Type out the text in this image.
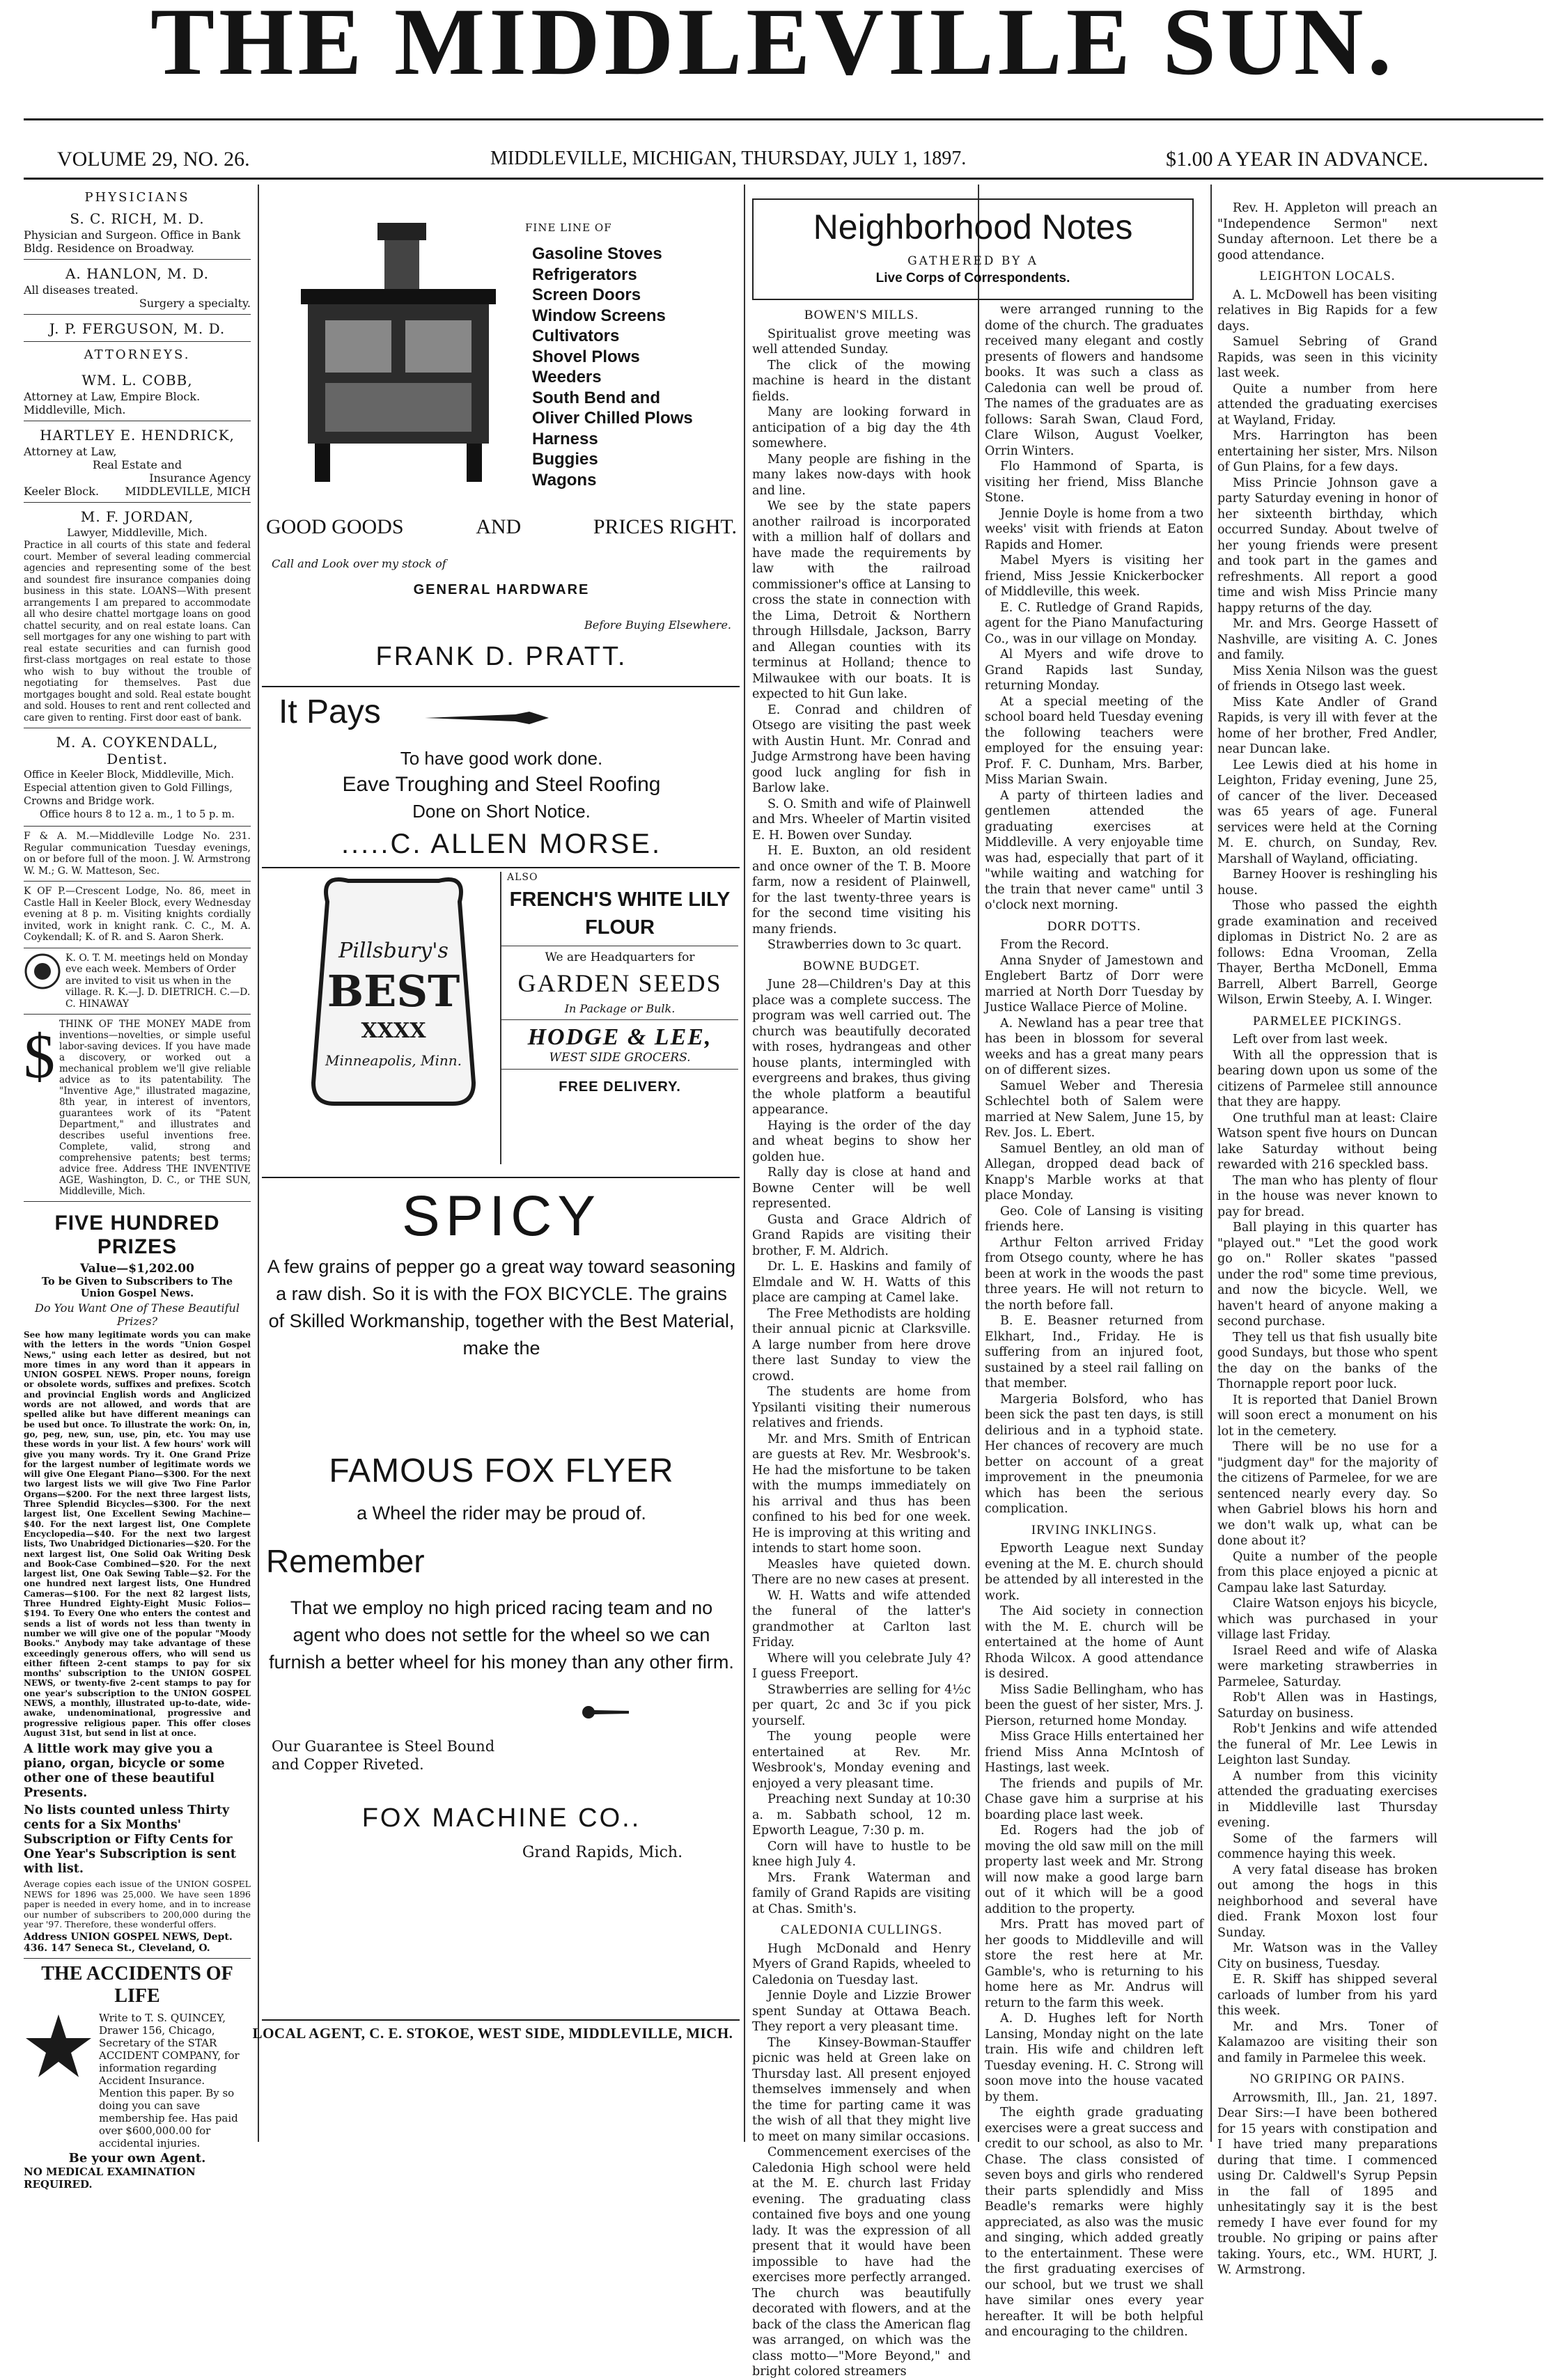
THE MIDDLEVILLE SUN.
VOLUME 29, NO. 26.	MIDDLEVILLE, MICHIGAN, THURSDAY, JULY 1, 1897.	$1.00 A YEAR IN ADVANCE.
PHYSICIANS
S. C. RICH, M. D.
Physician and Surgeon. Office in Bank Bldg. Residence on Broadway.
A. HANLON, M. D.
All diseases treated.
Surgery a specialty.
J. P. FERGUSON, M. D.
ATTORNEYS.
WM. L. COBB,
Attorney at Law, Empire Block. Middleville, Mich.
HARTLEY E. HENDRICK,
Attorney at Law,
Real Estate and
Insurance Agency
Keeler Block. MIDDLEVILLE, MICH
M. F. JORDAN,
Lawyer, Middleville, Mich.
Practice in all courts of this state and federal court. Member of several leading commercial agencies and representing some of the best and soundest fire insurance companies doing business in this state. LOANS—With present arrangements I am prepared to accommodate all who desire chattel mortgage loans on good chattel security, and on real estate loans. Can sell mortgages for any one wishing to part with real estate securities and can furnish good first-class mortgages on real estate to those who wish to buy without the trouble of negotiating for themselves. Past due mortgages bought and sold. Real estate bought and sold. Houses to rent and rent collected and care given to renting. First door east of bank.
M. A. COYKENDALL, Dentist.
Office in Keeler Block, Middleville, Mich. Especial attention given to Gold Fillings, Crowns and Bridge work.
Office hours 8 to 12 a. m., 1 to 5 p. m.
F & A. M.—Middleville Lodge No. 231. Regular communication Tuesday evenings, on or before full of the moon. J. W. Armstrong W. M.; G. W. Matteson, Sec.
K OF P.—Crescent Lodge, No. 86, meet in Castle Hall in Keeler Block, every Wednesday evening at 8 p. m. Visiting knights cordially invited, work in knight rank. C. C., M. A. Coykendall; K. of R. and S. Aaron Sherk.
K. O. T. M. meetings held on Monday eve each week. Members of Order are invited to visit us when in the village. R. K.—J. D. DIETRICH. C.—D. C. HINAWAY
$ THINK OF THE MONEY MADE from inventions—novelties, or simple useful labor-saving devices. If you have made a discovery, or worked out a mechanical problem we'll give reliable advice as to its patentability. The "Inventive Age," illustrated magazine, 8th year, in interest of inventors, guarantees work of its "Patent Department," and illustrates and describes useful inventions free. Complete, valid, strong and comprehensive patents; best terms; advice free. Address THE INVENTIVE AGE, Washington, D. C., or THE SUN, Middleville, Mich.
FIVE HUNDRED PRIZES
Value—$1,202.00
To be Given to Subscribers to The Union Gospel News.
Do You Want One of These Beautiful Prizes?
See how many legitimate words you can make with the letters in the words "Union Gospel News," using each letter as desired, but not more times in any word than it appears in UNION GOSPEL NEWS. Proper nouns, foreign or obsolete words, suffixes and prefixes. Scotch and provincial English words and Anglicized words are not allowed, and words that are spelled alike but have different meanings can be used but once. To illustrate the work: On, in, go, peg, new, sun, use, pin, etc. You may use these words in your list. A few hours' work will give you many words. Try it. One Grand Prize for the largest number of legitimate words we will give One Elegant Piano—$300. For the next two largest lists we will give Two Fine Parlor Organs—$200. For the next three largest lists, Three Splendid Bicycles—$300. For the next largest list, One Excellent Sewing Machine—$40. For the next largest list, One Complete Encyclopedia—$40. For the next two largest lists, Two Unabridged Dictionaries—$20. For the next largest list, One Solid Oak Writing Desk and Book-Case Combined—$20. For the next largest list, One Oak Sewing Table—$2. For the one hundred next largest lists, One Hundred Cameras—$100. For the next 82 largest lists, Three Hundred Eighty-Eight Music Folios—$194. To Every One who enters the contest and sends a list of words not less than twenty in number we will give one of the popular "Moody Books." Anybody may take advantage of these exceedingly generous offers, who will send us either fifteen 2-cent stamps to pay for six months' subscription to the UNION GOSPEL NEWS, or twenty-five 2-cent stamps to pay for one year's subscription to the UNION GOSPEL NEWS, a monthly, illustrated up-to-date, wide-awake, undenominational, progressive and progressive religious paper. This offer closes August 31st, but send in list at once.
A little work may give you a piano, organ, bicycle or some other one of these beautiful Presents.
No lists counted unless Thirty cents for a Six Months' Subscription or Fifty Cents for One Year's Subscription is sent with list.
Average copies each issue of the UNION GOSPEL NEWS for 1896 was 25,000. We have seen 1896 paper is needed in every home, and in to increase our number of subscribers to 200,000 during the year '97. Therefore, these wonderful offers.
Address UNION GOSPEL NEWS, Dept. 436. 147 Seneca St., Cleveland, O.
THE ACCIDENTS OF LIFE
Write to T. S. QUINCEY, Drawer 156, Chicago, Secretary of the STAR ACCIDENT COMPANY, for information regarding Accident Insurance. Mention this paper. By so doing you can save membership fee. Has paid over $600,000.00 for accidental injuries.
Be your own Agent.
NO MEDICAL EXAMINATION REQUIRED.
FINE LINE OF
Gasoline Stoves
Refrigerators
Screen Doors
Window Screens
Cultivators
Shovel Plows
Weeders
South Bend and
Oliver Chilled Plows
Harness
Buggies
Wagons
GOOD GOODS	AND	PRICES RIGHT.
Call and Look over my stock of
GENERAL HARDWARE
Before Buying Elsewhere.
FRANK D. PRATT.
It Pays
To have good work done.
Eave Troughing and Steel Roofing
Done on Short Notice.
.....C. ALLEN MORSE.
Pillsbury's
BEST
XXXX
Minneapolis, Minn.
ALSO
FRENCH'S WHITE LILY FLOUR
We are Headquarters for
GARDEN SEEDS
In Package or Bulk.
HODGE & LEE,
WEST SIDE GROCERS.
FREE DELIVERY.
SPICY
A few grains of pepper go a great way toward seasoning a raw dish. So it is with the FOX BICYCLE. The grains of Skilled Workmanship, together with the Best Material, make the
FAMOUS FOX FLYER
a Wheel the rider may be proud of.
Remember
That we employ no high priced racing team and no agent who does not settle for the wheel so we can furnish a better wheel for his money than any other firm.
Our Guarantee is Steel Bound and Copper Riveted.
FOX MACHINE CO..
Grand Rapids, Mich.
LOCAL AGENT, C. E. STOKOE, WEST SIDE, MIDDLEVILLE, MICH.
Neighborhood Notes
GATHERED BY A
Live Corps of Correspondents.
BOWEN'S MILLS.

Spiritualist grove meeting was well attended Sunday.

The click of the mowing machine is heard in the distant fields.

Many are looking forward in anticipation of a big day the 4th somewhere.

Many people are fishing in the many lakes now-days with hook and line.

We see by the state papers another railroad is incorporated with a million half of dollars and have made the requirements by law with the railroad commissioner's office at Lansing to cross the state in connection with the Lima, Detroit & Northern through Hillsdale, Jackson, Barry and Allegan counties with its terminus at Holland; thence to Milwaukee with our boats. It is expected to hit Gun lake.

E. Conrad and children of Otsego are visiting the past week with Austin Hunt. Mr. Conrad and Judge Armstrong have been having good luck angling for fish in Barlow lake.

S. O. Smith and wife of Plainwell and Mrs. Wheeler of Martin visited E. H. Bowen over Sunday.

H. E. Buxton, an old resident and once owner of the T. B. Moore farm, now a resident of Plainwell, for the last twenty-three years is for the second time visiting his many friends.

Strawberries down to 3c quart.

BOWNE BUDGET.

June 28—Children's Day at this place was a complete success. The program was well carried out. The church was beautifully decorated with roses, hydrangeas and other house plants, intermingled with evergreens and brakes, thus giving the whole platform a beautiful appearance.

Haying is the order of the day and wheat begins to show her golden hue.

Rally day is close at hand and Bowne Center will be well represented.

Gusta and Grace Aldrich of Grand Rapids are visiting their brother, F. M. Aldrich.

Dr. L. E. Haskins and family of Elmdale and W. H. Watts of this place are camping at Camel lake.

The Free Methodists are holding their annual picnic at Clarksville. A large number from here drove there last Sunday to view the crowd.

The students are home from Ypsilanti visiting their numerous relatives and friends.

Mr. and Mrs. Smith of Entrican are guests at Rev. Mr. Wesbrook's. He had the misfortune to be taken with the mumps immediately on his arrival and thus has been confined to his bed for one week. He is improving at this writing and intends to start home soon.

Measles have quieted down. There are no new cases at present.

W. H. Watts and wife attended the funeral of the latter's grandmother at Carlton last Friday.

Where will you celebrate July 4? I guess Freeport.

Strawberries are selling for 4½c per quart, 2c and 3c if you pick yourself.

The young people were entertained at Rev. Mr. Wesbrook's, Monday evening and enjoyed a very pleasant time.

Preaching next Sunday at 10:30 a. m. Sabbath school, 12 m. Epworth League, 7:30 p. m.

Corn will have to hustle to be knee high July 4.

Mrs. Frank Waterman and family of Grand Rapids are visiting at Chas. Smith's.

CALEDONIA CULLINGS.

Hugh McDonald and Henry Myers of Grand Rapids, wheeled to Caledonia on Tuesday last.

Jennie Doyle and Lizzie Brower spent Sunday at Ottawa Beach. They report a very pleasant time.

The Kinsey-Bowman-Stauffer picnic was held at Green lake on Thursday last. All present enjoyed themselves immensely and when the time for parting came it was the wish of all that they might live to meet on many similar occasions.

Commencement exercises of the Caledonia High school were held at the M. E. church last Friday evening. The graduating class contained five boys and one young lady. It was the expression of all present that it would have been impossible to have had the exercises more perfectly arranged. The church was beautifully decorated with flowers, and at the back of the class the American flag was arranged, on which was the class motto—"More Beyond," and bright colored streamers

were arranged running to the dome of the church. The graduates received many elegant and costly presents of flowers and handsome books. It was such a class as Caledonia can well be proud of. The names of the graduates are as follows: Sarah Swan, Claud Ford, Clare Wilson, August Voelker, Orrin Winters.

Flo Hammond of Sparta, is visiting her friend, Miss Blanche Stone.

Jennie Doyle is home from a two weeks' visit with friends at Eaton Rapids and Homer.

Mabel Myers is visiting her friend, Miss Jessie Knickerbocker of Middleville, this week.

E. C. Rutledge of Grand Rapids, agent for the Piano Manufacturing Co., was in our village on Monday.

Al Myers and wife drove to Grand Rapids last Sunday, returning Monday.

At a special meeting of the school board held Tuesday evening the following teachers were employed for the ensuing year: Prof. F. C. Dunham, Mrs. Barber, Miss Marian Swain.

A party of thirteen ladies and gentlemen attended the graduating exercises at Middleville. A very enjoyable time was had, especially that part of it "while waiting and watching for the train that never came" until 3 o'clock next morning.

DORR DOTTS.

From the Record.

Anna Snyder of Jamestown and Englebert Bartz of Dorr were married at North Dorr Tuesday by Justice Wallace Pierce of Moline.

A. Newland has a pear tree that has been in blossom for several weeks and has a great many pears on of different sizes.

Samuel Weber and Theresia Schlechtel both of Salem were married at New Salem, June 15, by Rev. Jos. L. Ebert.

Samuel Bentley, an old man of Allegan, dropped dead back of Knapp's Marble works at that place Monday.

Geo. Cole of Lansing is visiting friends here.

Arthur Felton arrived Friday from Otsego county, where he has been at work in the woods the past three years. He will not return to the north before fall.

B. E. Beasner returned from Elkhart, Ind., Friday. He is suffering from an injured foot, sustained by a steel rail falling on that member.

Margeria Bolsford, who has been sick the past ten days, is still delirious and in a typhoid state. Her chances of recovery are much better on account of a great improvement in the pneumonia which has been the serious complication.

IRVING INKLINGS.

Epworth League next Sunday evening at the M. E. church should be attended by all interested in the work.

The Aid society in connection with the M. E. church will be entertained at the home of Aunt Rhoda Wilcox. A good attendance is desired.

Miss Sadie Bellingham, who has been the guest of her sister, Mrs. J. Pierson, returned home Monday.

Miss Grace Hills entertained her friend Miss Anna McIntosh of Hastings, last week.

The friends and pupils of Mr. Chase gave him a surprise at his boarding place last week.

Ed. Rogers had the job of moving the old saw mill on the mill property last week and Mr. Strong will now make a good large barn out of it which will be a good addition to the property.

Mrs. Pratt has moved part of her goods to Middleville and will store the rest here at Mr. Gamble's, who is returning to his home here as Mr. Andrus will return to the farm this week.

A. D. Hughes left for North Lansing, Monday night on the late train. His wife and children left Tuesday evening. H. C. Strong will soon move into the house vacated by them.

The eighth grade graduating exercises were a great success and credit to our school, as also to Mr. Chase. The class consisted of seven boys and girls who rendered their parts splendidly and Miss Beadle's remarks were highly appreciated, as also was the music and singing, which added greatly to the entertainment. These were the first graduating exercises of our school, but we trust we shall have similar ones every year hereafter. It will be both helpful and encouraging to the children.

Rev. H. Appleton will preach an "Independence Sermon" next Sunday afternoon. Let there be a good attendance.

LEIGHTON LOCALS.

A. L. McDowell has been visiting relatives in Big Rapids for a few days.

Samuel Sebring of Grand Rapids, was seen in this vicinity last week.

Quite a number from here attended the graduating exercises at Wayland, Friday.

Mrs. Harrington has been entertaining her sister, Mrs. Nilson of Gun Plains, for a few days.

Miss Princie Johnson gave a party Saturday evening in honor of her sixteenth birthday, which occurred Sunday. About twelve of her young friends were present and took part in the games and refreshments. All report a good time and wish Miss Princie many happy returns of the day.

Mr. and Mrs. George Hassett of Nashville, are visiting A. C. Jones and family.

Miss Xenia Nilson was the guest of friends in Otsego last week.

Miss Kate Andler of Grand Rapids, is very ill with fever at the home of her brother, Fred Andler, near Duncan lake.

Lee Lewis died at his home in Leighton, Friday evening, June 25, of cancer of the liver. Deceased was 65 years of age. Funeral services were held at the Corning M. E. church, on Sunday, Rev. Marshall of Wayland, officiating.

Barney Hoover is reshingling his house.

Those who passed the eighth grade examination and received diplomas in District No. 2 are as follows: Edna Vrooman, Zella Thayer, Bertha McDonell, Emma Barrell, Albert Barrell, George Wilson, Erwin Steeby, A. I. Winger.

PARMELEE PICKINGS.

Left over from last week.

With all the oppression that is bearing down upon us some of the citizens of Parmelee still announce that they are happy.

One truthful man at least: Claire Watson spent five hours on Duncan lake Saturday without being rewarded with 216 speckled bass.

The man who has plenty of flour in the house was never known to pay for bread.

Ball playing in this quarter has "played out." "Let the good work go on." Roller skates "passed under the rod" some time previous, and now the bicycle. Well, we haven't heard of anyone making a second purchase.

They tell us that fish usually bite good Sundays, but those who spent the day on the banks of the Thornapple report poor luck.

It is reported that Daniel Brown will soon erect a monument on his lot in the cemetery.

There will be no use for a "judgment day" for the majority of the citizens of Parmelee, for we are sentenced nearly every day. So when Gabriel blows his horn and we don't walk up, what can be done about it?

Quite a number of the people from this place enjoyed a picnic at Campau lake last Saturday.

Claire Watson enjoys his bicycle, which was purchased in your village last Friday.

Israel Reed and wife of Alaska were marketing strawberries in Parmelee, Saturday.

Rob't Allen was in Hastings, Saturday on business.

Rob't Jenkins and wife attended the funeral of Mr. Lee Lewis in Leighton last Sunday.

A number from this vicinity attended the graduating exercises in Middleville last Thursday evening.

Some of the farmers will commence haying this week.

A very fatal disease has broken out among the hogs in this neighborhood and several have died. Frank Moxon lost four Sunday.

Mr. Watson was in the Valley City on business, Tuesday.

E. R. Skiff has shipped several carloads of lumber from his yard this week.

Mr. and Mrs. Toner of Kalamazoo are visiting their son and family in Parmelee this week.

NO GRIPING OR PAINS.

Arrowsmith, Ill., Jan. 21, 1897. Dear Sirs:—I have been bothered for 15 years with constipation and I have tried many preparations during that time. I commenced using Dr. Caldwell's Syrup Pepsin in the fall of 1895 and unhesitatingly say it is the best remedy I have ever found for my trouble. No griping or pains after taking. Yours, etc., WM. HURT, J. W. Armstrong.
